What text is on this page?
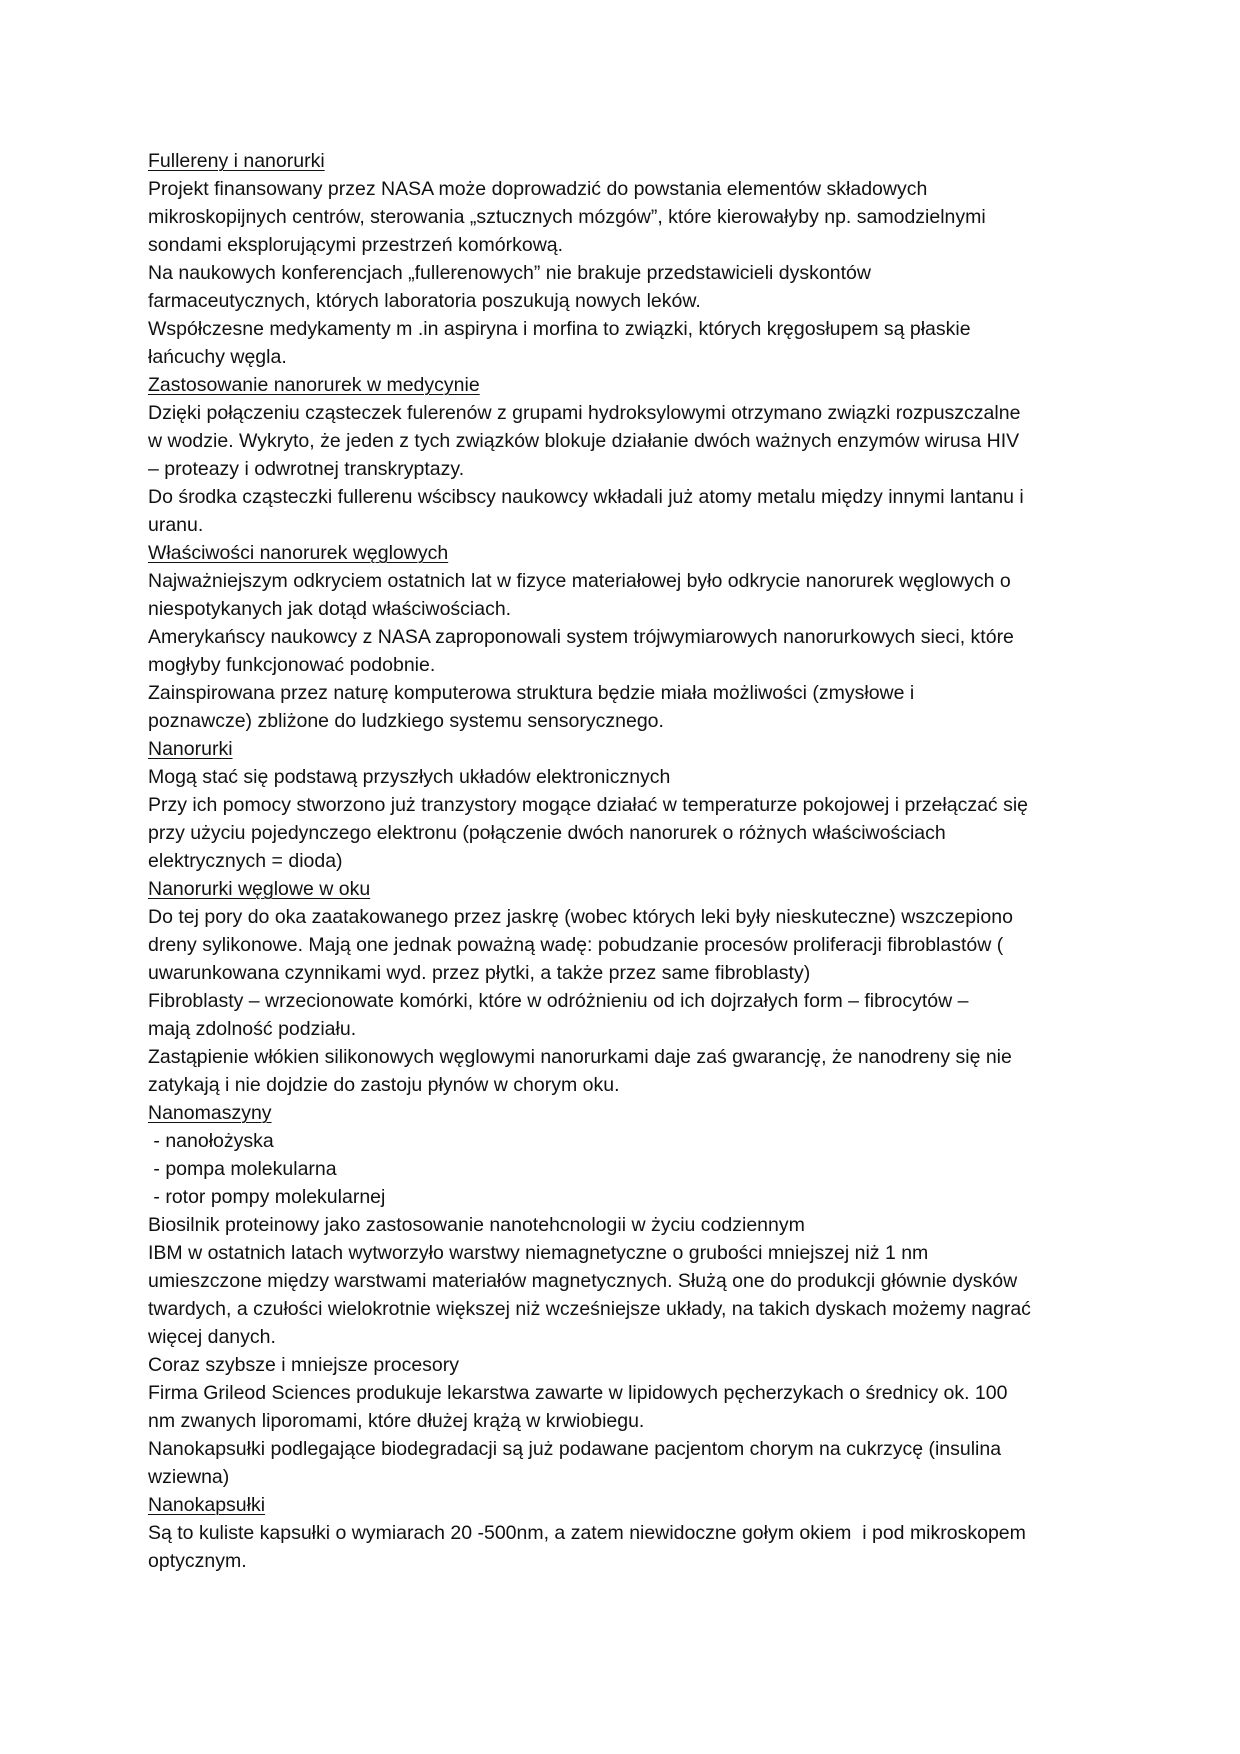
Fullereny i nanorurki
Projekt finansowany przez NASA może doprowadzić do powstania elementów składowych
mikroskopijnych centrów, sterowania „sztucznych mózgów”, które kierowałyby np. samodzielnymi
sondami eksplorującymi przestrzeń komórkową.
Na naukowych konferencjach „fullerenowych” nie brakuje przedstawicieli dyskontów
farmaceutycznych, których laboratoria poszukują nowych leków.
Współczesne medykamenty m .in aspiryna i morfina to związki, których kręgosłupem są płaskie
łańcuchy węgla.
Zastosowanie nanorurek w medycynie
Dzięki połączeniu cząsteczek fulerenów z grupami hydroksylowymi otrzymano związki rozpuszczalne
w wodzie. Wykryto, że jeden z tych związków blokuje działanie dwóch ważnych enzymów wirusa HIV
– proteazy i odwrotnej transkryptazy.
Do środka cząsteczki fullerenu wścibscy naukowcy wkładali już atomy metalu między innymi lantanu i
uranu.
Właściwości nanorurek węglowych
Najważniejszym odkryciem ostatnich lat w fizyce materiałowej było odkrycie nanorurek węglowych o
niespotykanych jak dotąd właściwościach.
Amerykańscy naukowcy z NASA zaproponowali system trójwymiarowych nanorurkowych sieci, które
mogłyby funkcjonować podobnie.
Zainspirowana przez naturę komputerowa struktura będzie miała możliwości (zmysłowe i
poznawcze) zbliżone do ludzkiego systemu sensorycznego.
Nanorurki
Mogą stać się podstawą przyszłych układów elektronicznych
Przy ich pomocy stworzono już tranzystory mogące działać w temperaturze pokojowej i przełączać się
przy użyciu pojedynczego elektronu (połączenie dwóch nanorurek o różnych właściwościach
elektrycznych = dioda)
Nanorurki węglowe w oku
Do tej pory do oka zaatakowanego przez jaskrę (wobec których leki były nieskuteczne) wszczepiono
dreny sylikonowe. Mają one jednak poważną wadę: pobudzanie procesów proliferacji fibroblastów (
uwarunkowana czynnikami wyd. przez płytki, a także przez same fibroblasty)
Fibroblasty – wrzecionowate komórki, które w odróżnieniu od ich dojrzałych form – fibrocytów –
mają zdolność podziału.
Zastąpienie włókien silikonowych węglowymi nanorurkami daje zaś gwarancję, że nanodreny się nie
zatykają i nie dojdzie do zastoju płynów w chorym oku.
Nanomaszyny
- nanołożyska
- pompa molekularna
- rotor pompy molekularnej
Biosilnik proteinowy jako zastosowanie nanotehcnologii w życiu codziennym
IBM w ostatnich latach wytworzyło warstwy niemagnetyczne o grubości mniejszej niż 1 nm
umieszczone między warstwami materiałów magnetycznych. Służą one do produkcji głównie dysków
twardych, a czułości wielokrotnie większej niż wcześniejsze układy, na takich dyskach możemy nagrać
więcej danych.
Coraz szybsze i mniejsze procesory
Firma Grileod Sciences produkuje lekarstwa zawarte w lipidowych pęcherzykach o średnicy ok. 100
nm zwanych liporomami, które dłużej krążą w krwiobiegu.
Nanokapsułki podlegające biodegradacji są już podawane pacjentom chorym na cukrzycę (insulina
wziewna)
Nanokapsułki
Są to kuliste kapsułki o wymiarach 20 -500nm, a zatem niewidoczne gołym okiem  i pod mikroskopem
optycznym.
